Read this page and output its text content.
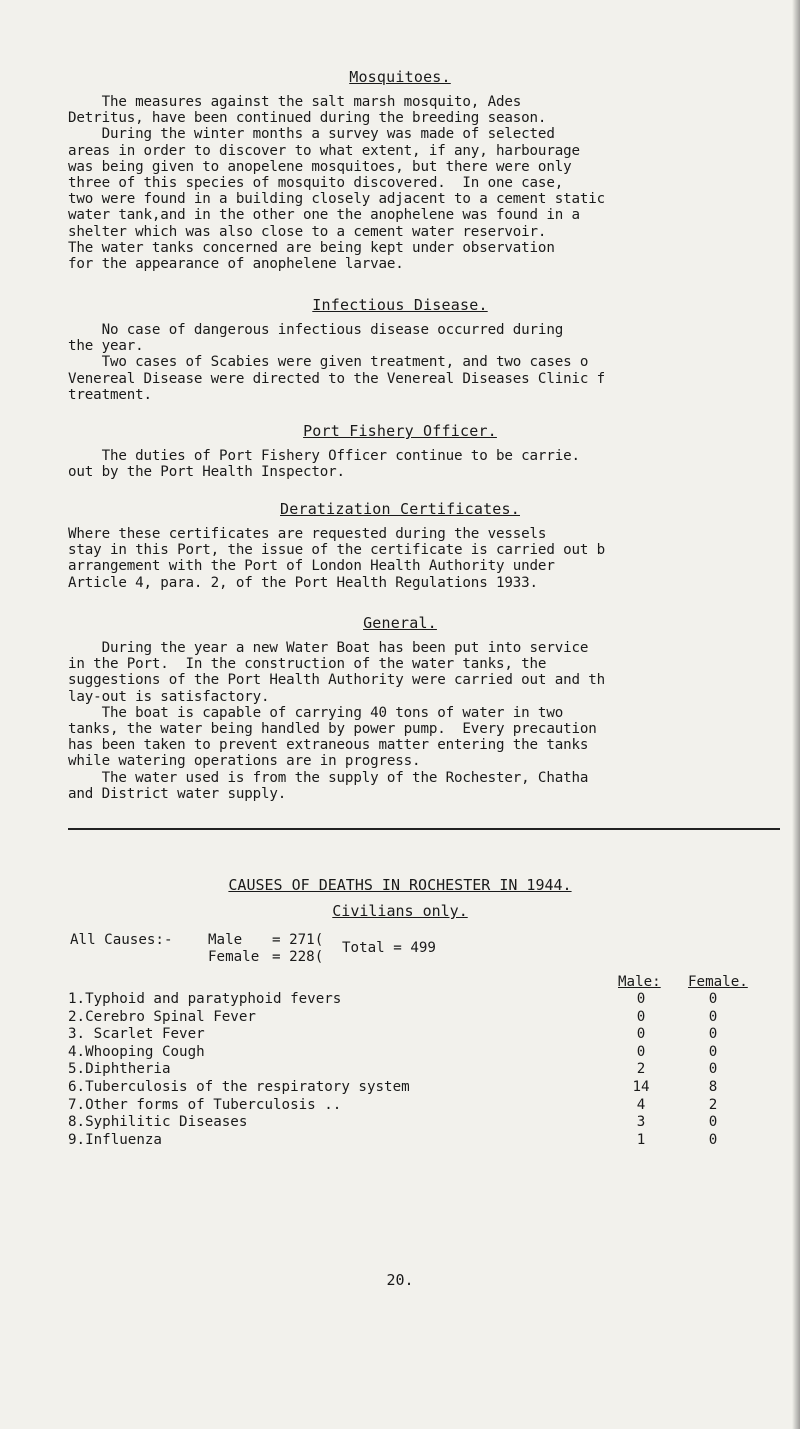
Mosquitoes.
The measures against the salt marsh mosquito, Ades
Detritus, have been continued during the breeding season.
During the winter months a survey was made of selected
areas in order to discover to what extent, if any, harbourage
was being given to anopelene mosquitoes, but there were only
three of this species of mosquito discovered.  In one case,
two were found in a building closely adjacent to a cement static
water tank,and in the other one the anophelene was found in a
shelter which was also close to a cement water reservoir.
The water tanks concerned are being kept under observation
for the appearance of anophelene larvae.
Infectious Disease.
No case of dangerous infectious disease occurred during
the year.
Two cases of Scabies were given treatment, and two cases o
Venereal Disease were directed to the Venereal Diseases Clinic f
treatment.
Port Fishery Officer.
The duties of Port Fishery Officer continue to be carrie.
out by the Port Health Inspector.
Deratization Certificates.
Where these certificates are requested during the vessels
stay in this Port, the issue of the certificate is carried out b
arrangement with the Port of London Health Authority under
Article 4, para. 2, of the Port Health Regulations 1933.
General.
During the year a new Water Boat has been put into service
in the Port.  In the construction of the water tanks, the
suggestions of the Port Health Authority were carried out and th
lay-out is satisfactory.
The boat is capable of carrying 40 tons of water in two
tanks, the water being handled by power pump.  Every precaution
has been taken to prevent extraneous matter entering the tanks
while watering operations are in progress.
The water used is from the supply of the Rochester, Chatha
and District water supply.
CAUSES OF DEATHS IN ROCHESTER IN 1944.
Civilians only.
All Causes:-	Male = 271(
Female = 228(
Total = 499
Male: Female.
1.Typhoid and paratyphoid fevers	0	0
2.Cerebro Spinal Fever	0	0
3. Scarlet Fever	0	0
4.Whooping Cough	0	0
5.Diphtheria	2	0
6.Tuberculosis of the respiratory system	14	8
7.Other forms of Tuberculosis ..	4	2
8.Syphilitic Diseases	3	0
9.Influenza	1	0
20.
